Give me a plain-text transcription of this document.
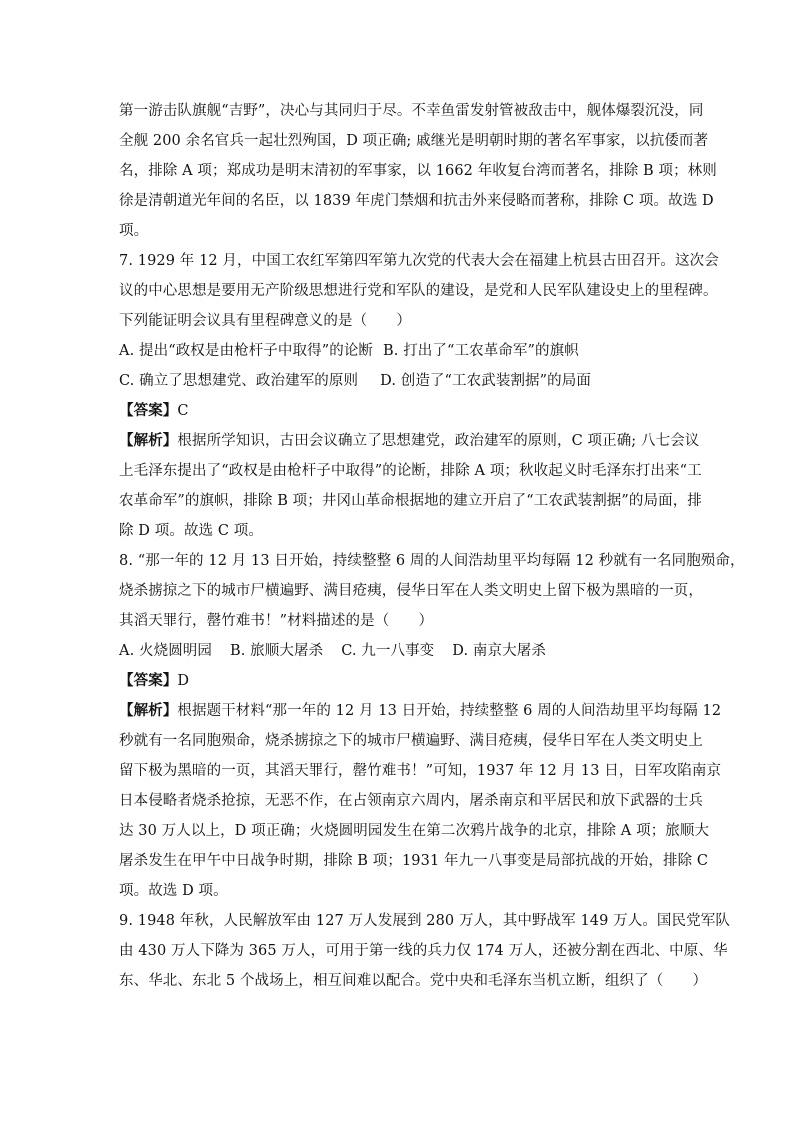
第一游击队旗舰“吉野”，决心与其同归于尽。不幸鱼雷发射管被敌击中，舰体爆裂沉没，同
全舰 200 余名官兵一起壮烈殉国，D 项正确; 戚继光是明朝时期的著名军事家，以抗倭而著
名，排除 A 项；郑成功是明末清初的军事家，以 1662 年收复台湾而著名，排除 B 项；林则
徐是清朝道光年间的名臣，以 1839 年虎门禁烟和抗击外来侵略而著称，排除 C 项。故选 D
项。
7. 1929 年 12 月，中国工农红军第四军第九次党的代表大会在福建上杭县古田召开。这次会
议的中心思想是要用无产阶级思想进行党和军队的建设，是党和人民军队建设史上的里程碑。
下列能证明会议具有里程碑意义的是（　　）
A. 提出“政权是由枪杆子中取得”的论断 B. 打出了“工农革命军”的旗帜
C. 确立了思想建党、政治建军的原则 D. 创造了“工农武装割据”的局面
【答案】C
【解析】根据所学知识，古田会议确立了思想建党，政治建军的原则，C 项正确; 八七会议
上毛泽东提出了“政权是由枪杆子中取得”的论断，排除 A 项；秋收起义时毛泽东打出来“工
农革命军”的旗帜，排除 B 项；井冈山革命根据地的建立开启了“工农武装割据”的局面，排
除 D 项。故选 C 项。
8. “那一年的 12 月 13 日开始，持续整整 6 周的人间浩劫里平均每隔 12 秒就有一名同胞殒命，
烧杀掳掠之下的城市尸横遍野、满目疮痍，侵华日军在人类文明史上留下极为黑暗的一页，
其滔天罪行，罄竹难书！”材料描述的是（　　）
A. 火烧圆明园 B. 旅顺大屠杀 C. 九一八事变 D. 南京大屠杀
【答案】D
【解析】根据题干材料“那一年的 12 月 13 日开始，持续整整 6 周的人间浩劫里平均每隔 12
秒就有一名同胞殒命，烧杀掳掠之下的城市尸横遍野、满目疮痍，侵华日军在人类文明史上
留下极为黑暗的一页，其滔天罪行，罄竹难书！”可知，1937 年 12 月 13 日，日军攻陷南京
日本侵略者烧杀抢掠，无恶不作，在占领南京六周内，屠杀南京和平居民和放下武器的士兵
达 30 万人以上，D 项正确；火烧圆明园发生在第二次鸦片战争的北京，排除 A 项；旅顺大
屠杀发生在甲午中日战争时期，排除 B 项；1931 年九一八事变是局部抗战的开始，排除 C
项。故选 D 项。
9. 1948 年秋，人民解放军由 127 万人发展到 280 万人，其中野战军 149 万人。国民党军队
由 430 万人下降为 365 万人，可用于第一线的兵力仅 174 万人，还被分割在西北、中原、华
东、华北、东北 5 个战场上，相互间难以配合。党中央和毛泽东当机立断，组织了（　　）
